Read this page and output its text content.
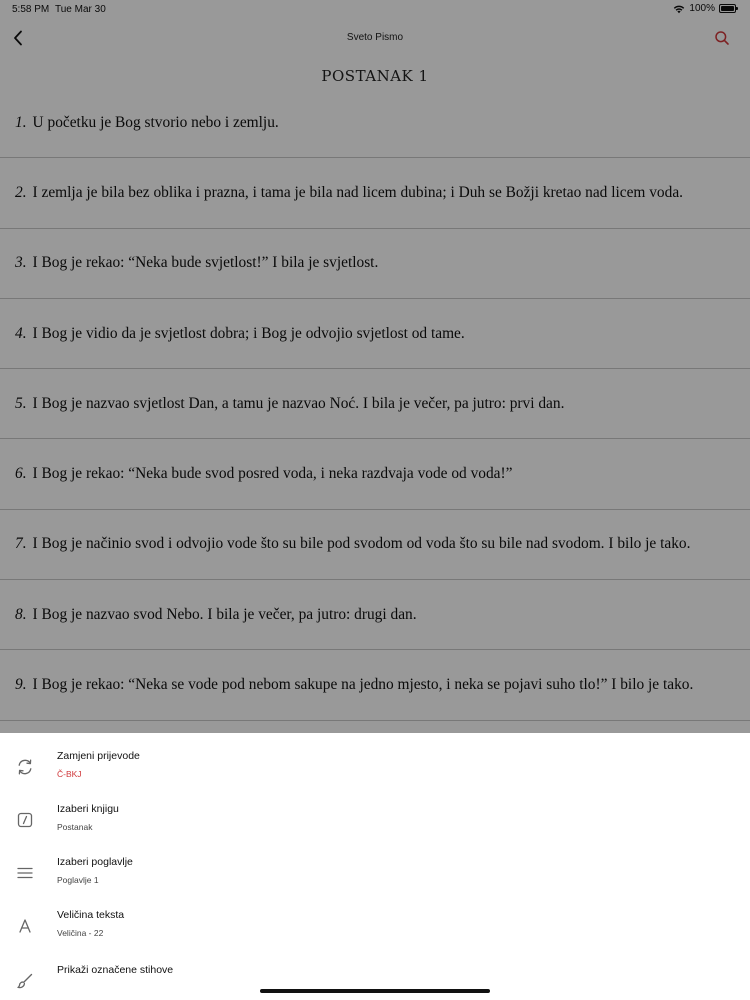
5:58 PM Tue Mar 30	100%
Sveto Pismo
POSTANAK 1
1. U početku je Bog stvorio nebo i zemlju.
2. I zemlja je bila bez oblika i prazna, i tama je bila nad licem dubina; i Duh se Božji kretao nad licem voda.
3. I Bog je rekao: “Neka bude svjetlost!” I bila je svjetlost.
4. I Bog je vidio da je svjetlost dobra; i Bog je odvojio svjetlost od tame.
5. I Bog je nazvao svjetlost Dan, a tamu je nazvao Noć. I bila je večer, pa jutro: prvi dan.
6. I Bog je rekao: “Neka bude svod posred voda, i neka razdvaja vode od voda!”
7. I Bog je načinio svod i odvojio vode što su bile pod svodom od voda što su bile nad svodom. I bilo je tako.
8. I Bog je nazvao svod Nebo. I bila je večer, pa jutro: drugi dan.
9. I Bog je rekao: “Neka se vode pod nebom sakupe na jedno mjesto, i neka se pojavi suho tlo!” I bilo je tako.
Zamjeni prijevode
Č-BKJ
Izaberi knjigu
Postanak
Izaberi poglavlje
Poglavlje 1
Veličina teksta
Veličina - 22
Prikaži označene stihove
